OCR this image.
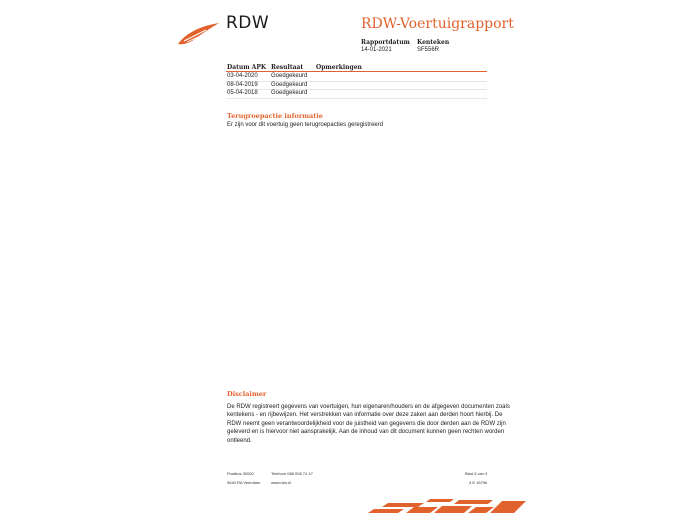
RDW	RDW-Voertuigrapport
Rapportdatum
14-01-2021
Kenteken
SF556R
Datum APK Resultaat Opmerkingen
03-04-2020 Goedgekeurd
08-04-2019 Goedgekeurd
05-04-2018 Goedgekeurd
Terugroepactie informatie
Er zijn voor dit voertuig geen terugroepacties geregistreerd
Disclaimer
De RDW registreert gegevens van voertuigen, hun eigenaren/houders en de afgegeven documenten zoals
kentekens - en rijbewijzen. Het verstrekken van informatie over deze zaken aan derden hoort hierbij. De
RDW neemt geen verantwoordelijkheid voor de juistheid van gegevens die door derden aan de RDW zijn
geleverd en is hiervoor niet aansprakelijk. Aan de inhoud van dit document kunnen geen rechten worden
ontleend.
Postbus 30000
9640 RA Veendam
Telefoon 088 008 74 47
www.rdw.nl
Blad 3 van 3
3 E 1679b
